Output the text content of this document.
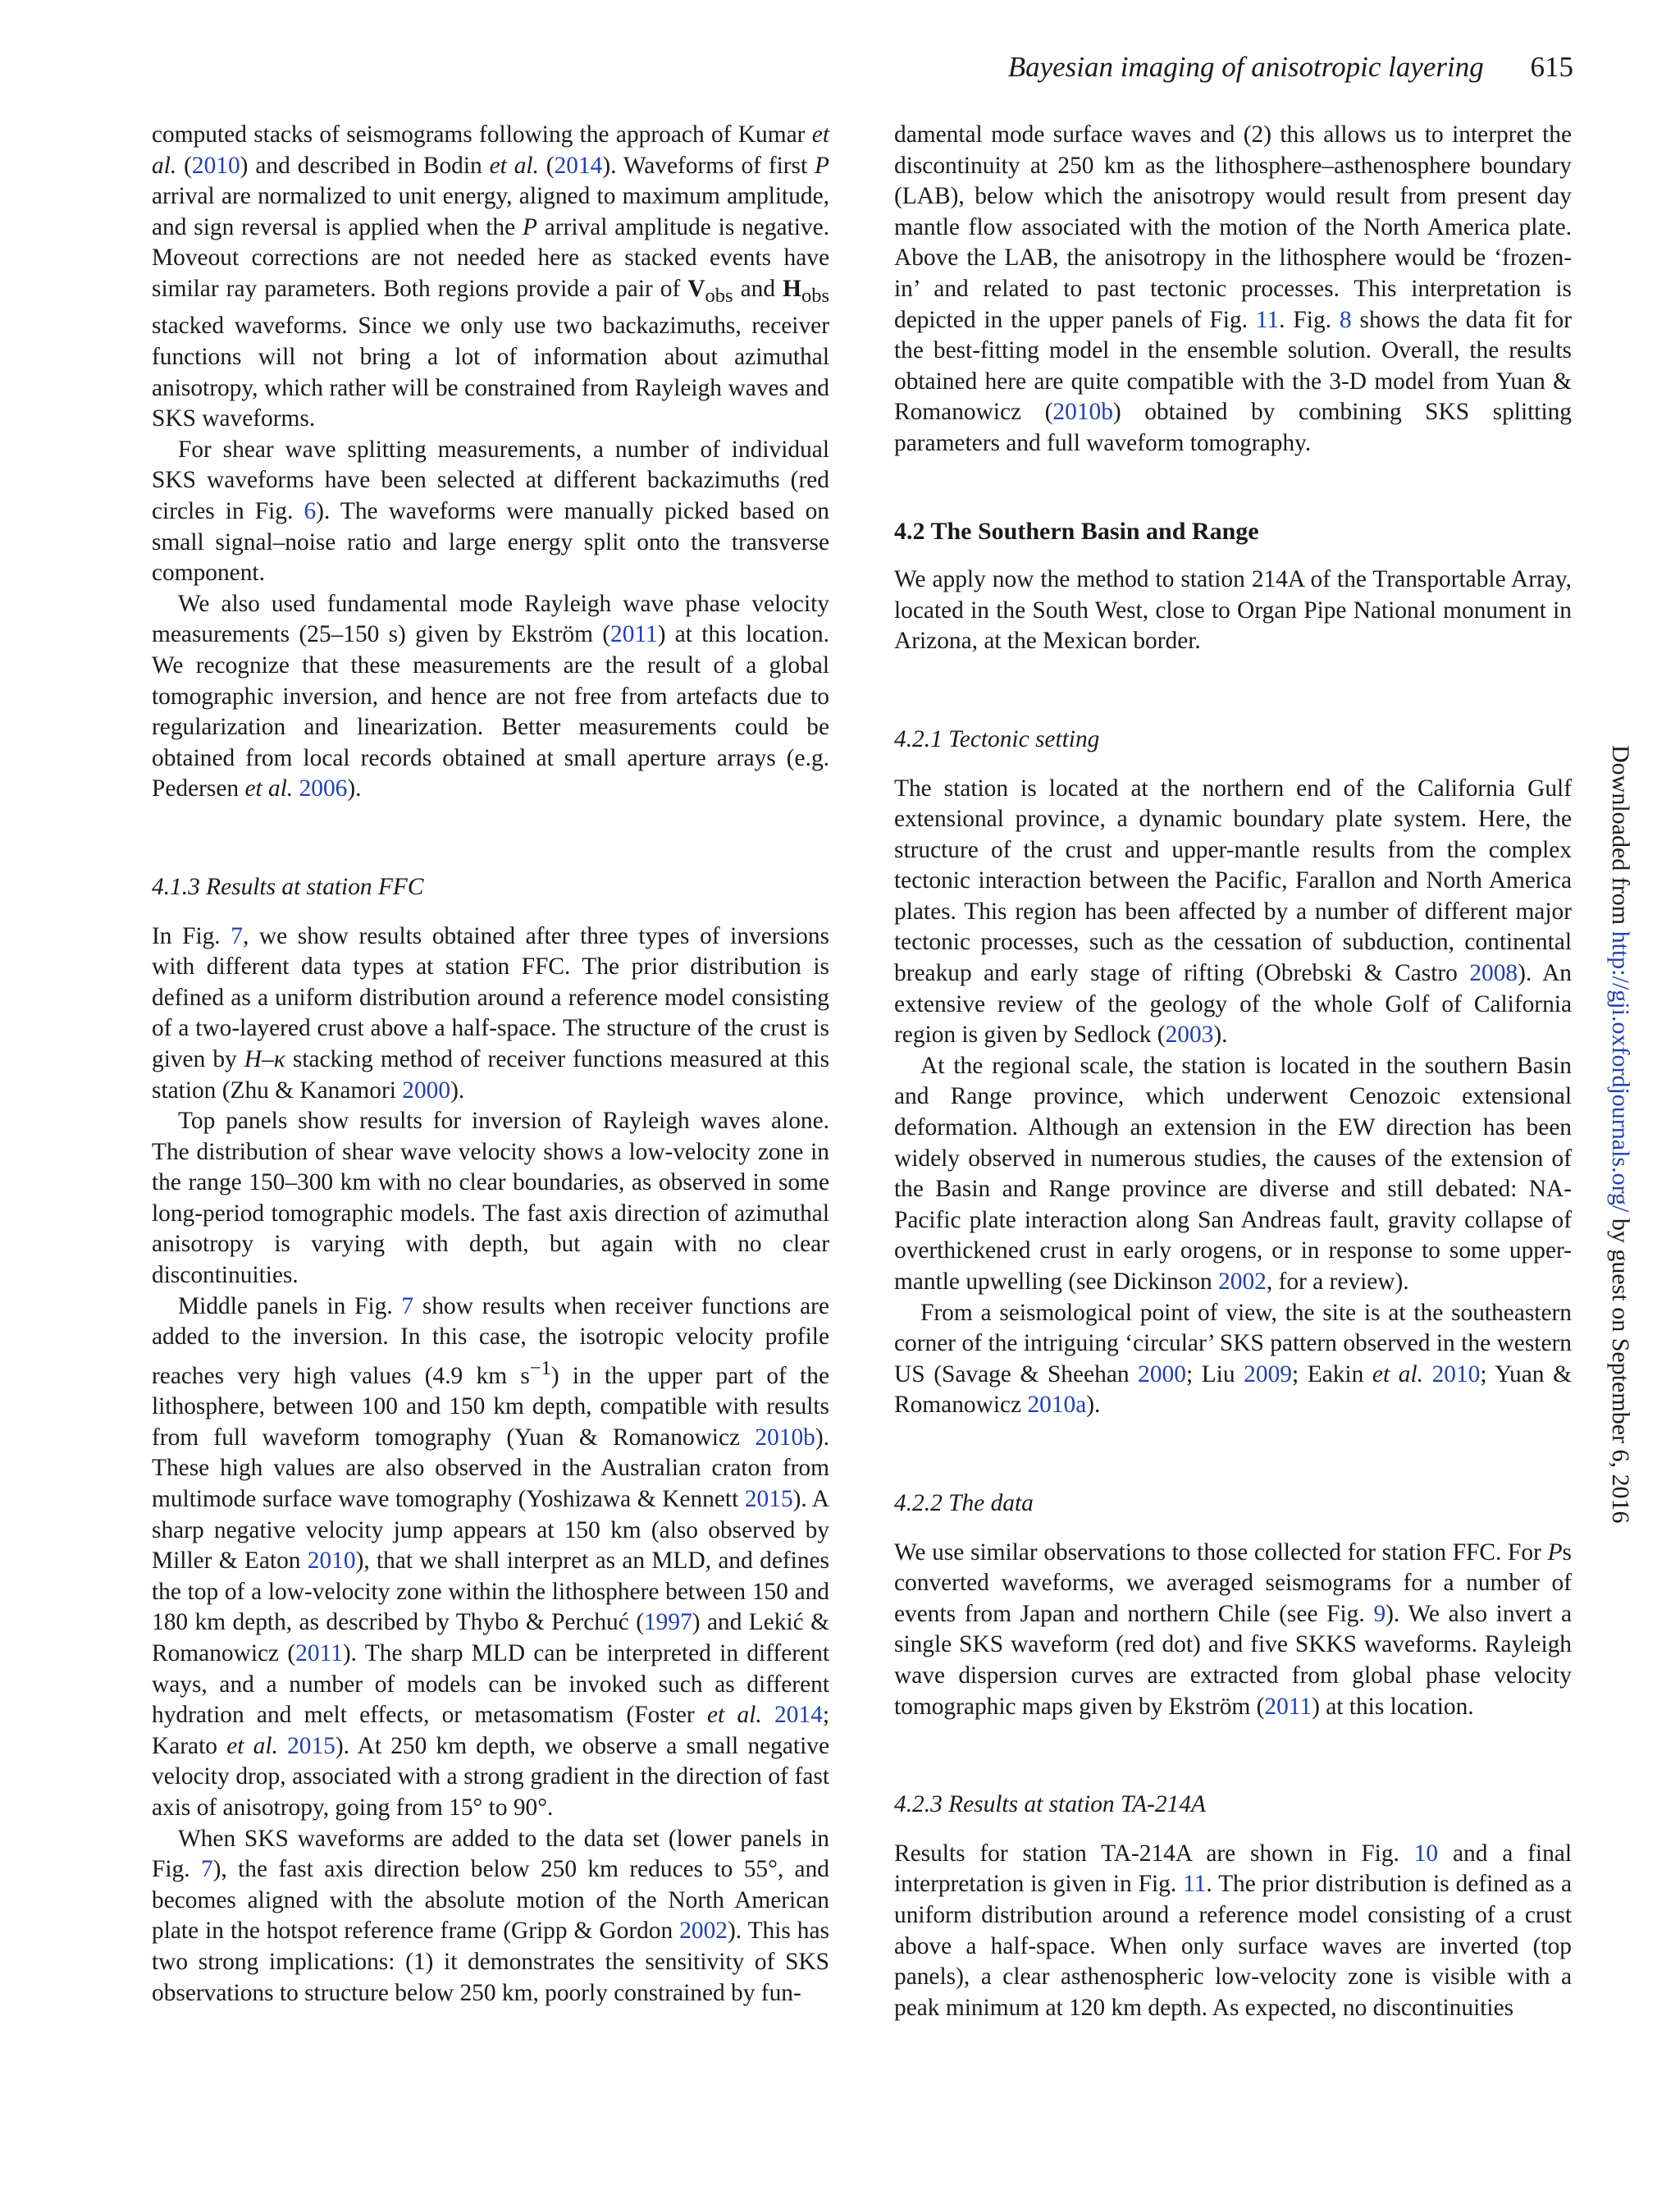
Bayesian imaging of anisotropic layering 615

computed stacks of seismograms following the approach of Kumar et al. (2010) and described in Bodin et al. (2014). Waveforms of first P arrival are normalized to unit energy, aligned to maximum amplitude, and sign reversal is applied when the P arrival amplitude is negative. Moveout corrections are not needed here as stacked events have similar ray parameters. Both regions provide a pair of $V_{obs}$ and $H_{obs}$ stacked waveforms. Since we only use two backazimuths, receiver functions will not bring a lot of information about azimuthal anisotropy, which rather will be constrained from Rayleigh waves and SKS waveforms.

For shear wave splitting measurements, a number of individual SKS waveforms have been selected at different backazimuths (red circles in Fig. 6). The waveforms were manually picked based on small signal–noise ratio and large energy split onto the transverse component.

We also used fundamental mode Rayleigh wave phase velocity measurements (25–150 s) given by Ekström (2011) at this location. We recognize that these measurements are the result of a global tomographic inversion, and hence are not free from artefacts due to regularization and linearization. Better measurements could be obtained from local records obtained at small aperture arrays (e.g. Pedersen et al. 2006).

4.1.3 Results at station FFC

In Fig. 7, we show results obtained after three types of inversions with different data types at station FFC. The prior distribution is defined as a uniform distribution around a reference model consisting of a two-layered crust above a half-space. The structure of the crust is given by H–κ stacking method of receiver functions measured at this station (Zhu & Kanamori 2000).

Top panels show results for inversion of Rayleigh waves alone. The distribution of shear wave velocity shows a low-velocity zone in the range 150–300 km with no clear boundaries, as observed in some long-period tomographic models. The fast axis direction of azimuthal anisotropy is varying with depth, but again with no clear discontinuities.

Middle panels in Fig. 7 show results when receiver functions are added to the inversion. In this case, the isotropic velocity profile reaches very high values (4.9 km $s^{-1}$) in the upper part of the lithosphere, between 100 and 150 km depth, compatible with results from full waveform tomography (Yuan & Romanowicz 2010b). These high values are also observed in the Australian craton from multimode surface wave tomography (Yoshizawa & Kennett 2015). A sharp negative velocity jump appears at 150 km (also observed by Miller & Eaton 2010), that we shall interpret as an MLD, and defines the top of a low-velocity zone within the lithosphere between 150 and 180 km depth, as described by Thybo & Perchuć (1997) and Lekić & Romanowicz (2011). The sharp MLD can be interpreted in different ways, and a number of models can be invoked such as different hydration and melt effects, or metasomatism (Foster et al. 2014; Karato et al. 2015). At 250 km depth, we observe a small negative velocity drop, associated with a strong gradient in the direction of fast axis of anisotropy, going from 15° to 90°.

When SKS waveforms are added to the data set (lower panels in Fig. 7), the fast axis direction below 250 km reduces to 55°, and becomes aligned with the absolute motion of the North American plate in the hotspot reference frame (Gripp & Gordon 2002). This has two strong implications: (1) it demonstrates the sensitivity of SKS observations to structure below 250 km, poorly constrained by fun-

damental mode surface waves and (2) this allows us to interpret the discontinuity at 250 km as the lithosphere–asthenosphere boundary (LAB), below which the anisotropy would result from present day mantle flow associated with the motion of the North America plate. Above the LAB, the anisotropy in the lithosphere would be ‘frozen-in’ and related to past tectonic processes. This interpretation is depicted in the upper panels of Fig. 11. Fig. 8 shows the data fit for the best-fitting model in the ensemble solution. Overall, the results obtained here are quite compatible with the 3-D model from Yuan & Romanowicz (2010b) obtained by combining SKS splitting parameters and full waveform tomography.

4.2 The Southern Basin and Range

We apply now the method to station 214A of the Transportable Array, located in the South West, close to Organ Pipe National monument in Arizona, at the Mexican border.

4.2.1 Tectonic setting

The station is located at the northern end of the California Gulf extensional province, a dynamic boundary plate system. Here, the structure of the crust and upper-mantle results from the complex tectonic interaction between the Pacific, Farallon and North America plates. This region has been affected by a number of different major tectonic processes, such as the cessation of subduction, continental breakup and early stage of rifting (Obrebski & Castro 2008). An extensive review of the geology of the whole Golf of California region is given by Sedlock (2003).

At the regional scale, the station is located in the southern Basin and Range province, which underwent Cenozoic extensional deformation. Although an extension in the EW direction has been widely observed in numerous studies, the causes of the extension of the Basin and Range province are diverse and still debated: NA-Pacific plate interaction along San Andreas fault, gravity collapse of overthickened crust in early orogens, or in response to some upper-mantle upwelling (see Dickinson 2002, for a review).

From a seismological point of view, the site is at the southeastern corner of the intriguing ‘circular’ SKS pattern observed in the western US (Savage & Sheehan 2000; Liu 2009; Eakin et al. 2010; Yuan & Romanowicz 2010a).

4.2.2 The data

We use similar observations to those collected for station FFC. For Ps converted waveforms, we averaged seismograms for a number of events from Japan and northern Chile (see Fig. 9). We also invert a single SKS waveform (red dot) and five SKKS waveforms. Rayleigh wave dispersion curves are extracted from global phase velocity tomographic maps given by Ekström (2011) at this location.

4.2.3 Results at station TA-214A

Results for station TA-214A are shown in Fig. 10 and a final interpretation is given in Fig. 11. The prior distribution is defined as a uniform distribution around a reference model consisting of a crust above a half-space. When only surface waves are inverted (top panels), a clear asthenospheric low-velocity zone is visible with a peak minimum at 120 km depth. As expected, no discontinuities

Downloaded from http://gji.oxfordjournals.org/ by guest on September 6, 2016
